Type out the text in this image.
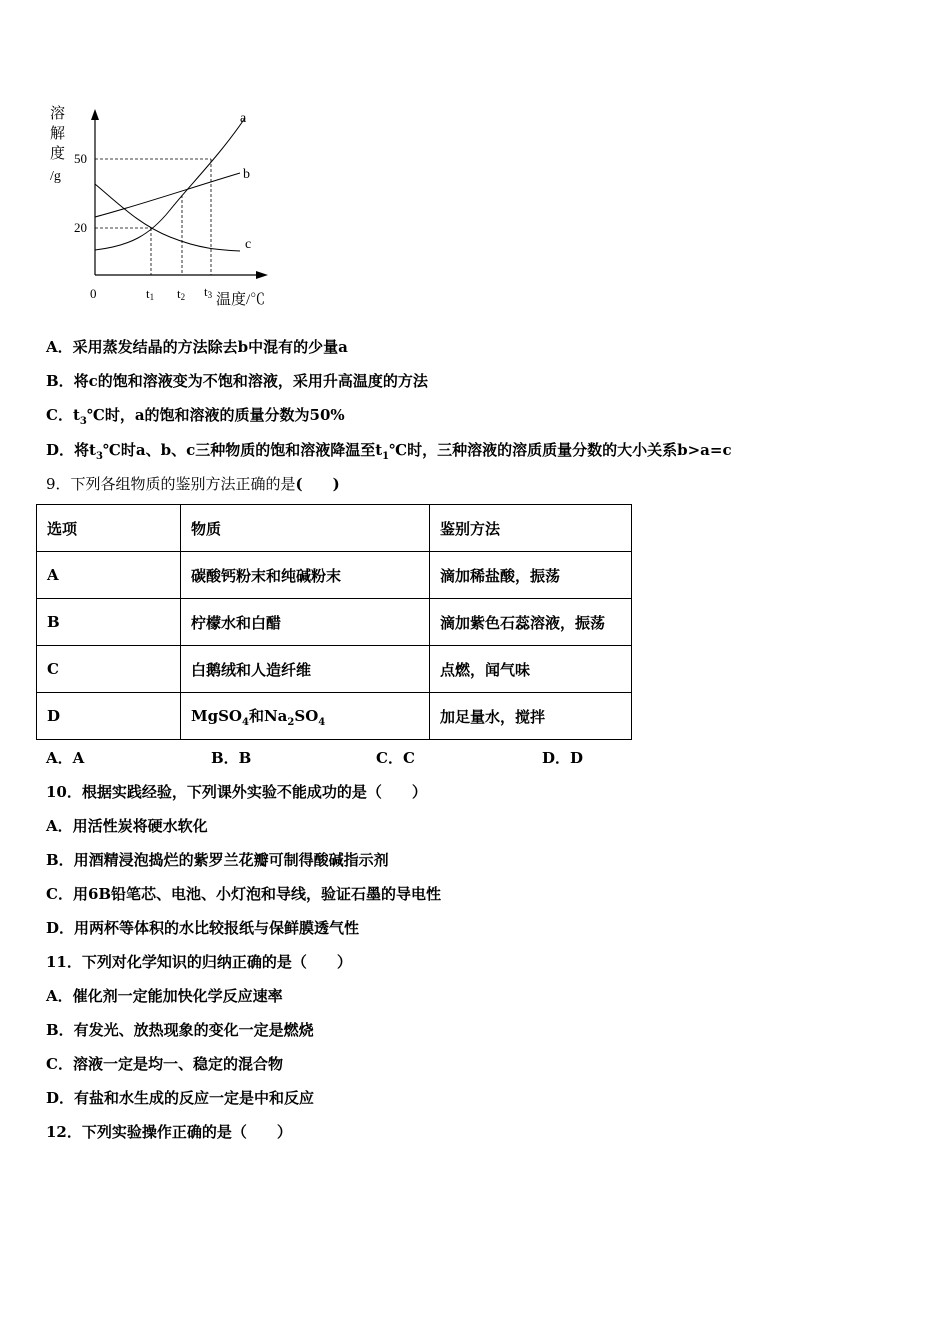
溶
解
度
/g
a
b
c
50
20
0	t1 t2 t3 温度/℃
A．采用蒸发结晶的方法除去b中混有的少量a
B．将c的饱和溶液变为不饱和溶液，采用升高温度的方法
C．$t_3℃$时，a的饱和溶液的质量分数为50%
D．将$t_3℃$时a、b、c三种物质的饱和溶液降温至$t_1℃$时，三种溶液的溶质质量分数的大小关系b>a=c
9．下列各组物质的鉴别方法正确的是(　　)
选项	物质	鉴别方法
A	碳酸钙粉末和纯碱粉末	滴加稀盐酸，振荡
B	柠檬水和白醋	滴加紫色石蕊溶液，振荡
C	白鹅绒和人造纤维	点燃，闻气味
D	MgSO$_4$和$Na_2SO_4$	加足量水，搅拌
A．A	B．B	C．C	D．D
10．根据实践经验，下列课外实验不能成功的是（　　）
A．用活性炭将硬水软化
B．用酒精浸泡捣烂的紫罗兰花瓣可制得酸碱指示剂
C．用6B铅笔芯、电池、小灯泡和导线，验证石墨的导电性
D．用两杯等体积的水比较报纸与保鲜膜透气性
11．下列对化学知识的归纳正确的是（　　）
A．催化剂一定能加快化学反应速率
B．有发光、放热现象的变化一定是燃烧
C．溶液一定是均一、稳定的混合物
D．有盐和水生成的反应一定是中和反应
12．下列实验操作正确的是（　　）
